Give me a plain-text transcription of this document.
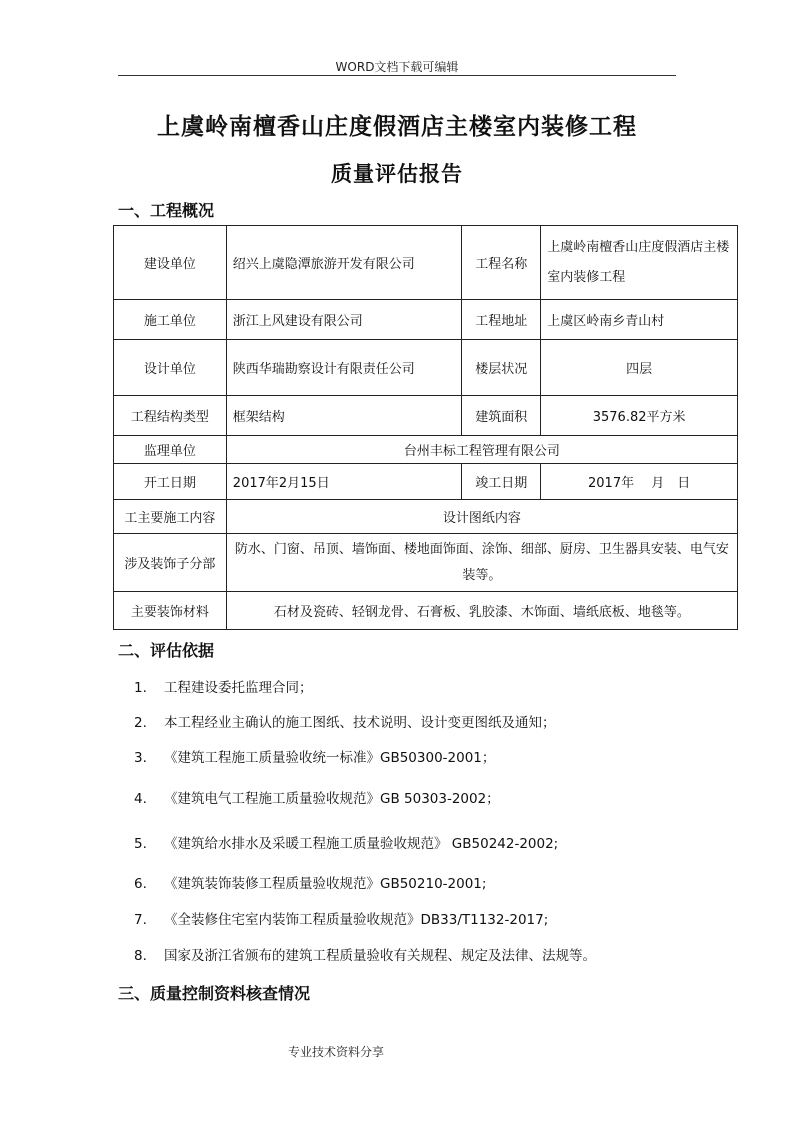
WORD文档下载可编辑
上虞岭南檀香山庄度假酒店主楼室内装修工程
质量评估报告
一、工程概况
建设单位	绍兴上虞隐潭旅游开发有限公司	工程名称	上虞岭南檀香山庄度假酒店主楼室内装修工程
施工单位	浙江上风建设有限公司	工程地址	上虞区岭南乡青山村
设计单位	陕西华瑞勘察设计有限责任公司	楼层状况	四层
工程结构类型	框架结构	建筑面积	3576.82平方米
监理单位	台州丰标工程管理有限公司		
开工日期	2017年2月15日	竣工日期	2017年　 月　日
工主要施工内容	设计图纸内容		
涉及装饰子分部	防水、门窗、吊顶、墙饰面、楼地面饰面、涂饰、细部、厨房、卫生器具安装、电气安装等。		
主要装饰材料	石材及瓷砖、轻钢龙骨、石膏板、乳胶漆、木饰面、墙纸底板、地毯等。		
二、评估依据
1. 工程建设委托监理合同；
2. 本工程经业主确认的施工图纸、技术说明、设计变更图纸及通知；
3. 《建筑工程施工质量验收统一标准》GB50300-2001；
4. 《建筑电气工程施工质量验收规范》GB 50303-2002；
5. 《建筑给水排水及采暖工程施工质量验收规范》 GB50242-2002;
6. 《建筑装饰装修工程质量验收规范》GB50210-2001;
7. 《全装修住宅室内装饰工程质量验收规范》DB33/T1132-2017;
8. 国家及浙江省颁布的建筑工程质量验收有关规程、规定及法律、法规等。
三、质量控制资料核查情况
专业技术资料分享
